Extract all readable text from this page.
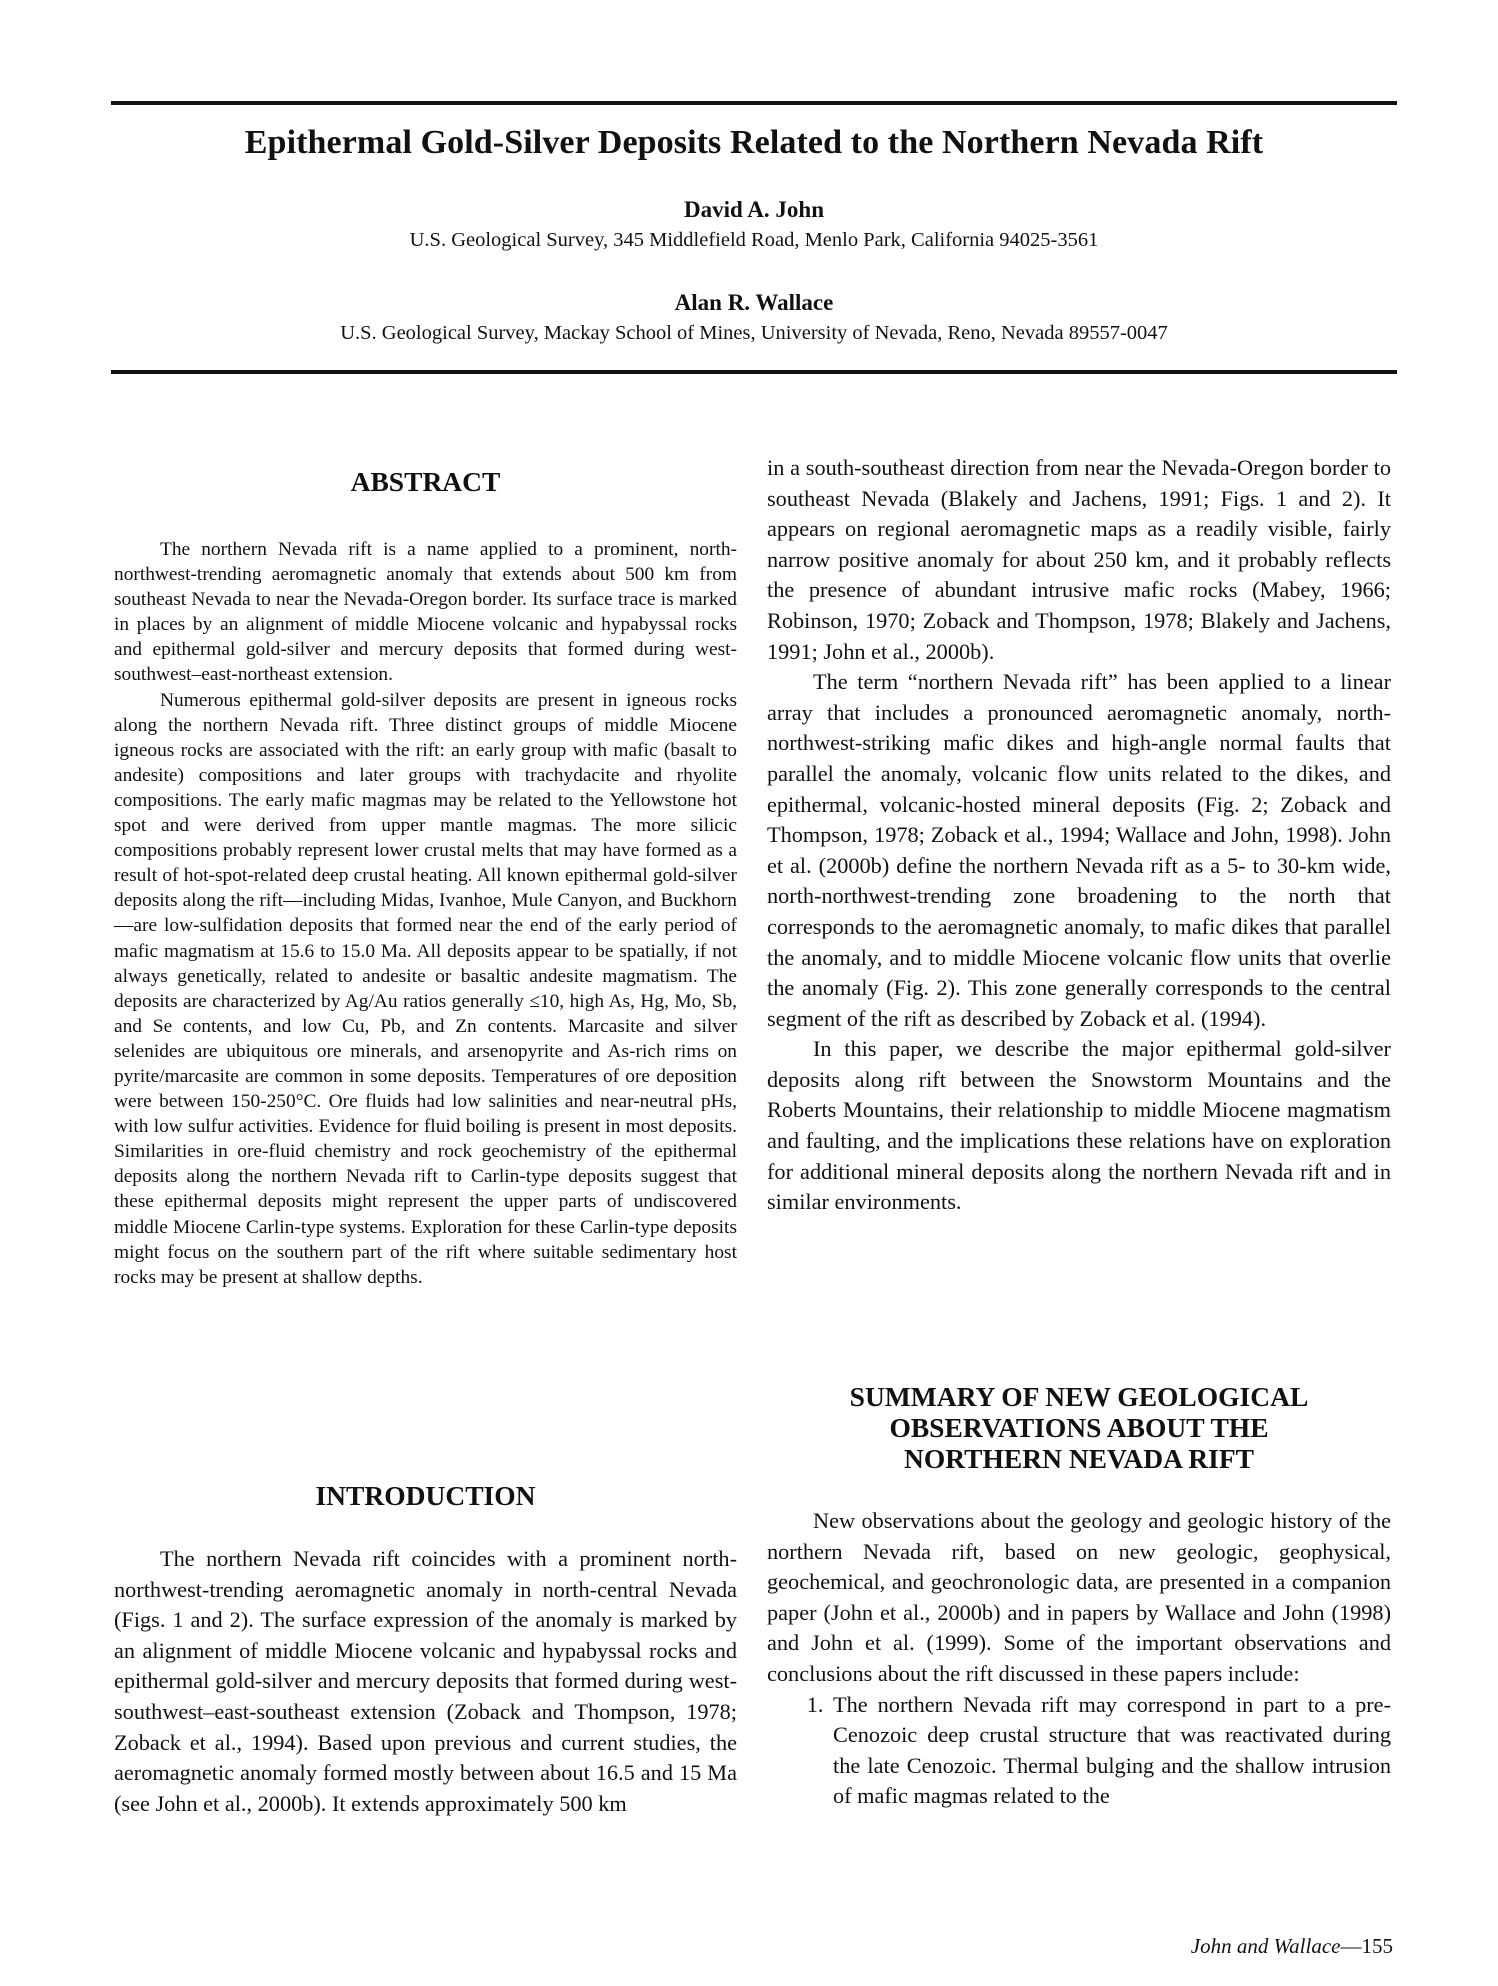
Epithermal Gold-Silver Deposits Related to the Northern Nevada Rift
David A. John
U.S. Geological Survey, 345 Middlefield Road, Menlo Park, California 94025-3561
Alan R. Wallace
U.S. Geological Survey, Mackay School of Mines, University of Nevada, Reno, Nevada 89557-0047
ABSTRACT

The northern Nevada rift is a name applied to a prominent, north-northwest-trending aeromagnetic anomaly that extends about 500 km from southeast Nevada to near the Nevada-Oregon border. Its surface trace is marked in places by an alignment of middle Miocene volcanic and hypabyssal rocks and epithermal gold-silver and mercury deposits that formed during west-southwest–east-northeast extension.

Numerous epithermal gold-silver deposits are present in igneous rocks along the northern Nevada rift. Three distinct groups of middle Miocene igneous rocks are associated with the rift: an early group with mafic (basalt to andesite) compositions and later groups with trachydacite and rhyolite compositions. The early mafic magmas may be related to the Yellowstone hot spot and were derived from upper mantle magmas. The more silicic compositions probably represent lower crustal melts that may have formed as a result of hot-spot-related deep crustal heating. All known epithermal gold-silver deposits along the rift—including Midas, Ivanhoe, Mule Canyon, and Buckhorn—are low-sulfidation deposits that formed near the end of the early period of mafic magmatism at 15.6 to 15.0 Ma. All deposits appear to be spatially, if not always genetically, related to andesite or basaltic andesite magmatism. The deposits are characterized by Ag/Au ratios generally ≤10, high As, Hg, Mo, Sb, and Se contents, and low Cu, Pb, and Zn contents. Marcasite and silver selenides are ubiquitous ore minerals, and arsenopyrite and As-rich rims on pyrite/marcasite are common in some deposits. Temperatures of ore deposition were between 150-250°C. Ore fluids had low salinities and near-neutral pHs, with low sulfur activities. Evidence for fluid boiling is present in most deposits. Similarities in ore-fluid chemistry and rock geochemistry of the epithermal deposits along the northern Nevada rift to Carlin-type deposits suggest that these epithermal deposits might represent the upper parts of undiscovered middle Miocene Carlin-type systems. Exploration for these Carlin-type deposits might focus on the southern part of the rift where suitable sedimentary host rocks may be present at shallow depths.

INTRODUCTION

The northern Nevada rift coincides with a prominent north-northwest-trending aeromagnetic anomaly in north-central Nevada (Figs. 1 and 2). The surface expression of the anomaly is marked by an alignment of middle Miocene volcanic and hypabyssal rocks and epithermal gold-silver and mercury deposits that formed during west-southwest–east-southeast extension (Zoback and Thompson, 1978; Zoback et al., 1994). Based upon previous and current studies, the aeromagnetic anomaly formed mostly between about 16.5 and 15 Ma (see John et al., 2000b). It extends approximately 500 km

in a south-southeast direction from near the Nevada-Oregon border to southeast Nevada (Blakely and Jachens, 1991; Figs. 1 and 2). It appears on regional aeromagnetic maps as a readily visible, fairly narrow positive anomaly for about 250 km, and it probably reflects the presence of abundant intrusive mafic rocks (Mabey, 1966; Robinson, 1970; Zoback and Thompson, 1978; Blakely and Jachens, 1991; John et al., 2000b).

The term “northern Nevada rift” has been applied to a linear array that includes a pronounced aeromagnetic anomaly, north-northwest-striking mafic dikes and high-angle normal faults that parallel the anomaly, volcanic flow units related to the dikes, and epithermal, volcanic-hosted mineral deposits (Fig. 2; Zoback and Thompson, 1978; Zoback et al., 1994; Wallace and John, 1998). John et al. (2000b) define the northern Nevada rift as a 5- to 30-km wide, north-northwest-trending zone broadening to the north that corresponds to the aeromagnetic anomaly, to mafic dikes that parallel the anomaly, and to middle Miocene volcanic flow units that overlie the anomaly (Fig. 2). This zone generally corresponds to the central segment of the rift as described by Zoback et al. (1994).

In this paper, we describe the major epithermal gold-silver deposits along rift between the Snowstorm Mountains and the Roberts Mountains, their relationship to middle Miocene magmatism and faulting, and the implications these relations have on exploration for additional mineral deposits along the northern Nevada rift and in similar environments.

SUMMARY OF NEW GEOLOGICAL
OBSERVATIONS ABOUT THE
NORTHERN NEVADA RIFT

New observations about the geology and geologic history of the northern Nevada rift, based on new geologic, geophysical, geochemical, and geochronologic data, are presented in a companion paper (John et al., 2000b) and in papers by Wallace and John (1998) and John et al. (1999). Some of the important observations and conclusions about the rift discussed in these papers include:

1. The northern Nevada rift may correspond in part to a pre-Cenozoic deep crustal structure that was reactivated during the late Cenozoic. Thermal bulging and the shallow intrusion of mafic magmas related to the
John and Wallace—155
